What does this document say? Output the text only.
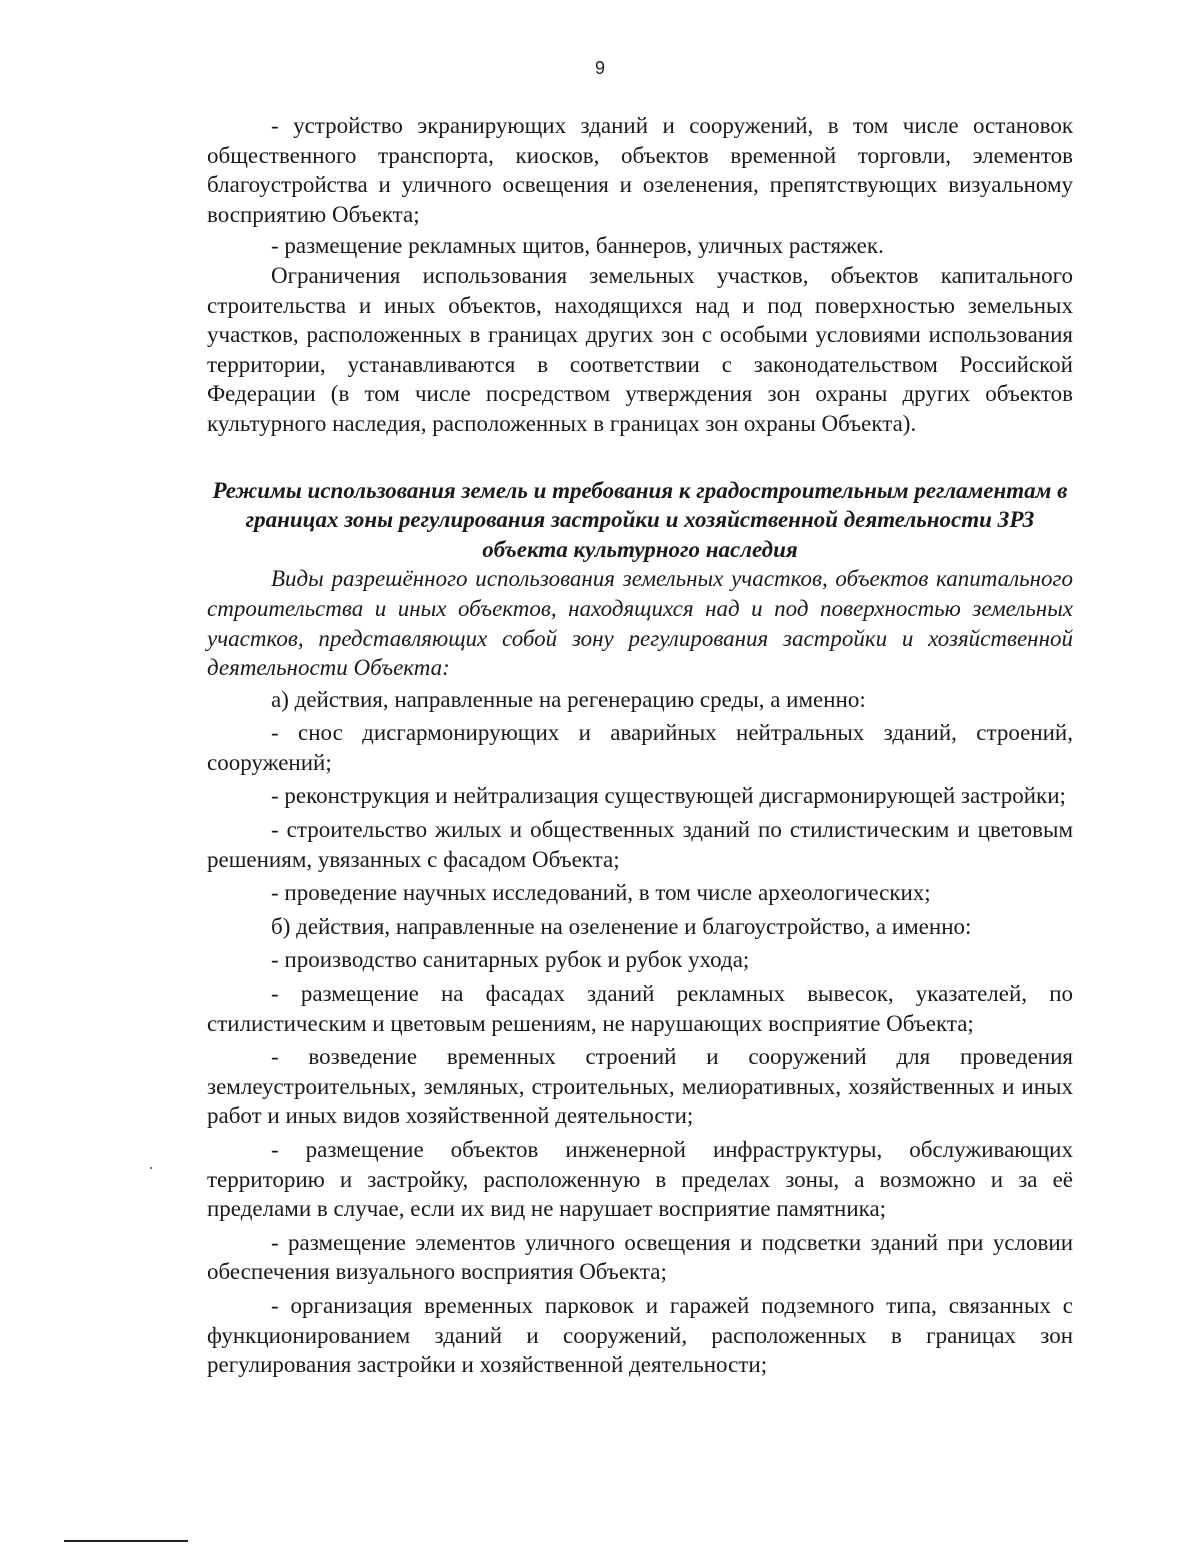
9

- устройство экранирующих зданий и сооружений, в том числе остановок общественного транспорта, киосков, объектов временной торговли, элементов благоустройства и уличного освещения и озеленения, препятствующих визуальному восприятию Объекта;

- размещение рекламных щитов, баннеров, уличных растяжек.

Ограничения использования земельных участков, объектов капитального строительства и иных объектов, находящихся над и под поверхностью земельных участков, расположенных в границах других зон с особыми условиями использования территории, устанавливаются в соответствии с законодательством Российской Федерации (в том числе посредством утверждения зон охраны других объектов культурного наследия, расположенных в границах зон охраны Объекта).

Режимы использования земель и требования к градостроительным регламентам в границах зоны регулирования застройки и хозяйственной деятельности ЗРЗ объекта культурного наследия

Виды разрешённого использования земельных участков, объектов капитального строительства и иных объектов, находящихся над и под поверхностью земельных участков, представляющих собой зону регулирования застройки и хозяйственной деятельности Объекта:

а) действия, направленные на регенерацию среды, а именно:

- снос дисгармонирующих и аварийных нейтральных зданий, строений, сооружений;

- реконструкция и нейтрализация существующей дисгармонирующей застройки;

- строительство жилых и общественных зданий по стилистическим и цветовым решениям, увязанных с фасадом Объекта;

- проведение научных исследований, в том числе археологических;

б) действия, направленные на озеленение и благоустройство, а именно:

- производство санитарных рубок и рубок ухода;

- размещение на фасадах зданий рекламных вывесок, указателей, по стилистическим и цветовым решениям, не нарушающих восприятие Объекта;

- возведение временных строений и сооружений для проведения землеустроительных, земляных, строительных, мелиоративных, хозяйственных и иных работ и иных видов хозяйственной деятельности;

- размещение объектов инженерной инфраструктуры, обслуживающих территорию и застройку, расположенную в пределах зоны, а возможно и за её пределами в случае, если их вид не нарушает восприятие памятника;

- размещение элементов уличного освещения и подсветки зданий при условии обеспечения визуального восприятия Объекта;

- организация временных парковок и гаражей подземного типа, связанных с функционированием зданий и сооружений, расположенных в границах зон регулирования застройки и хозяйственной деятельности;
